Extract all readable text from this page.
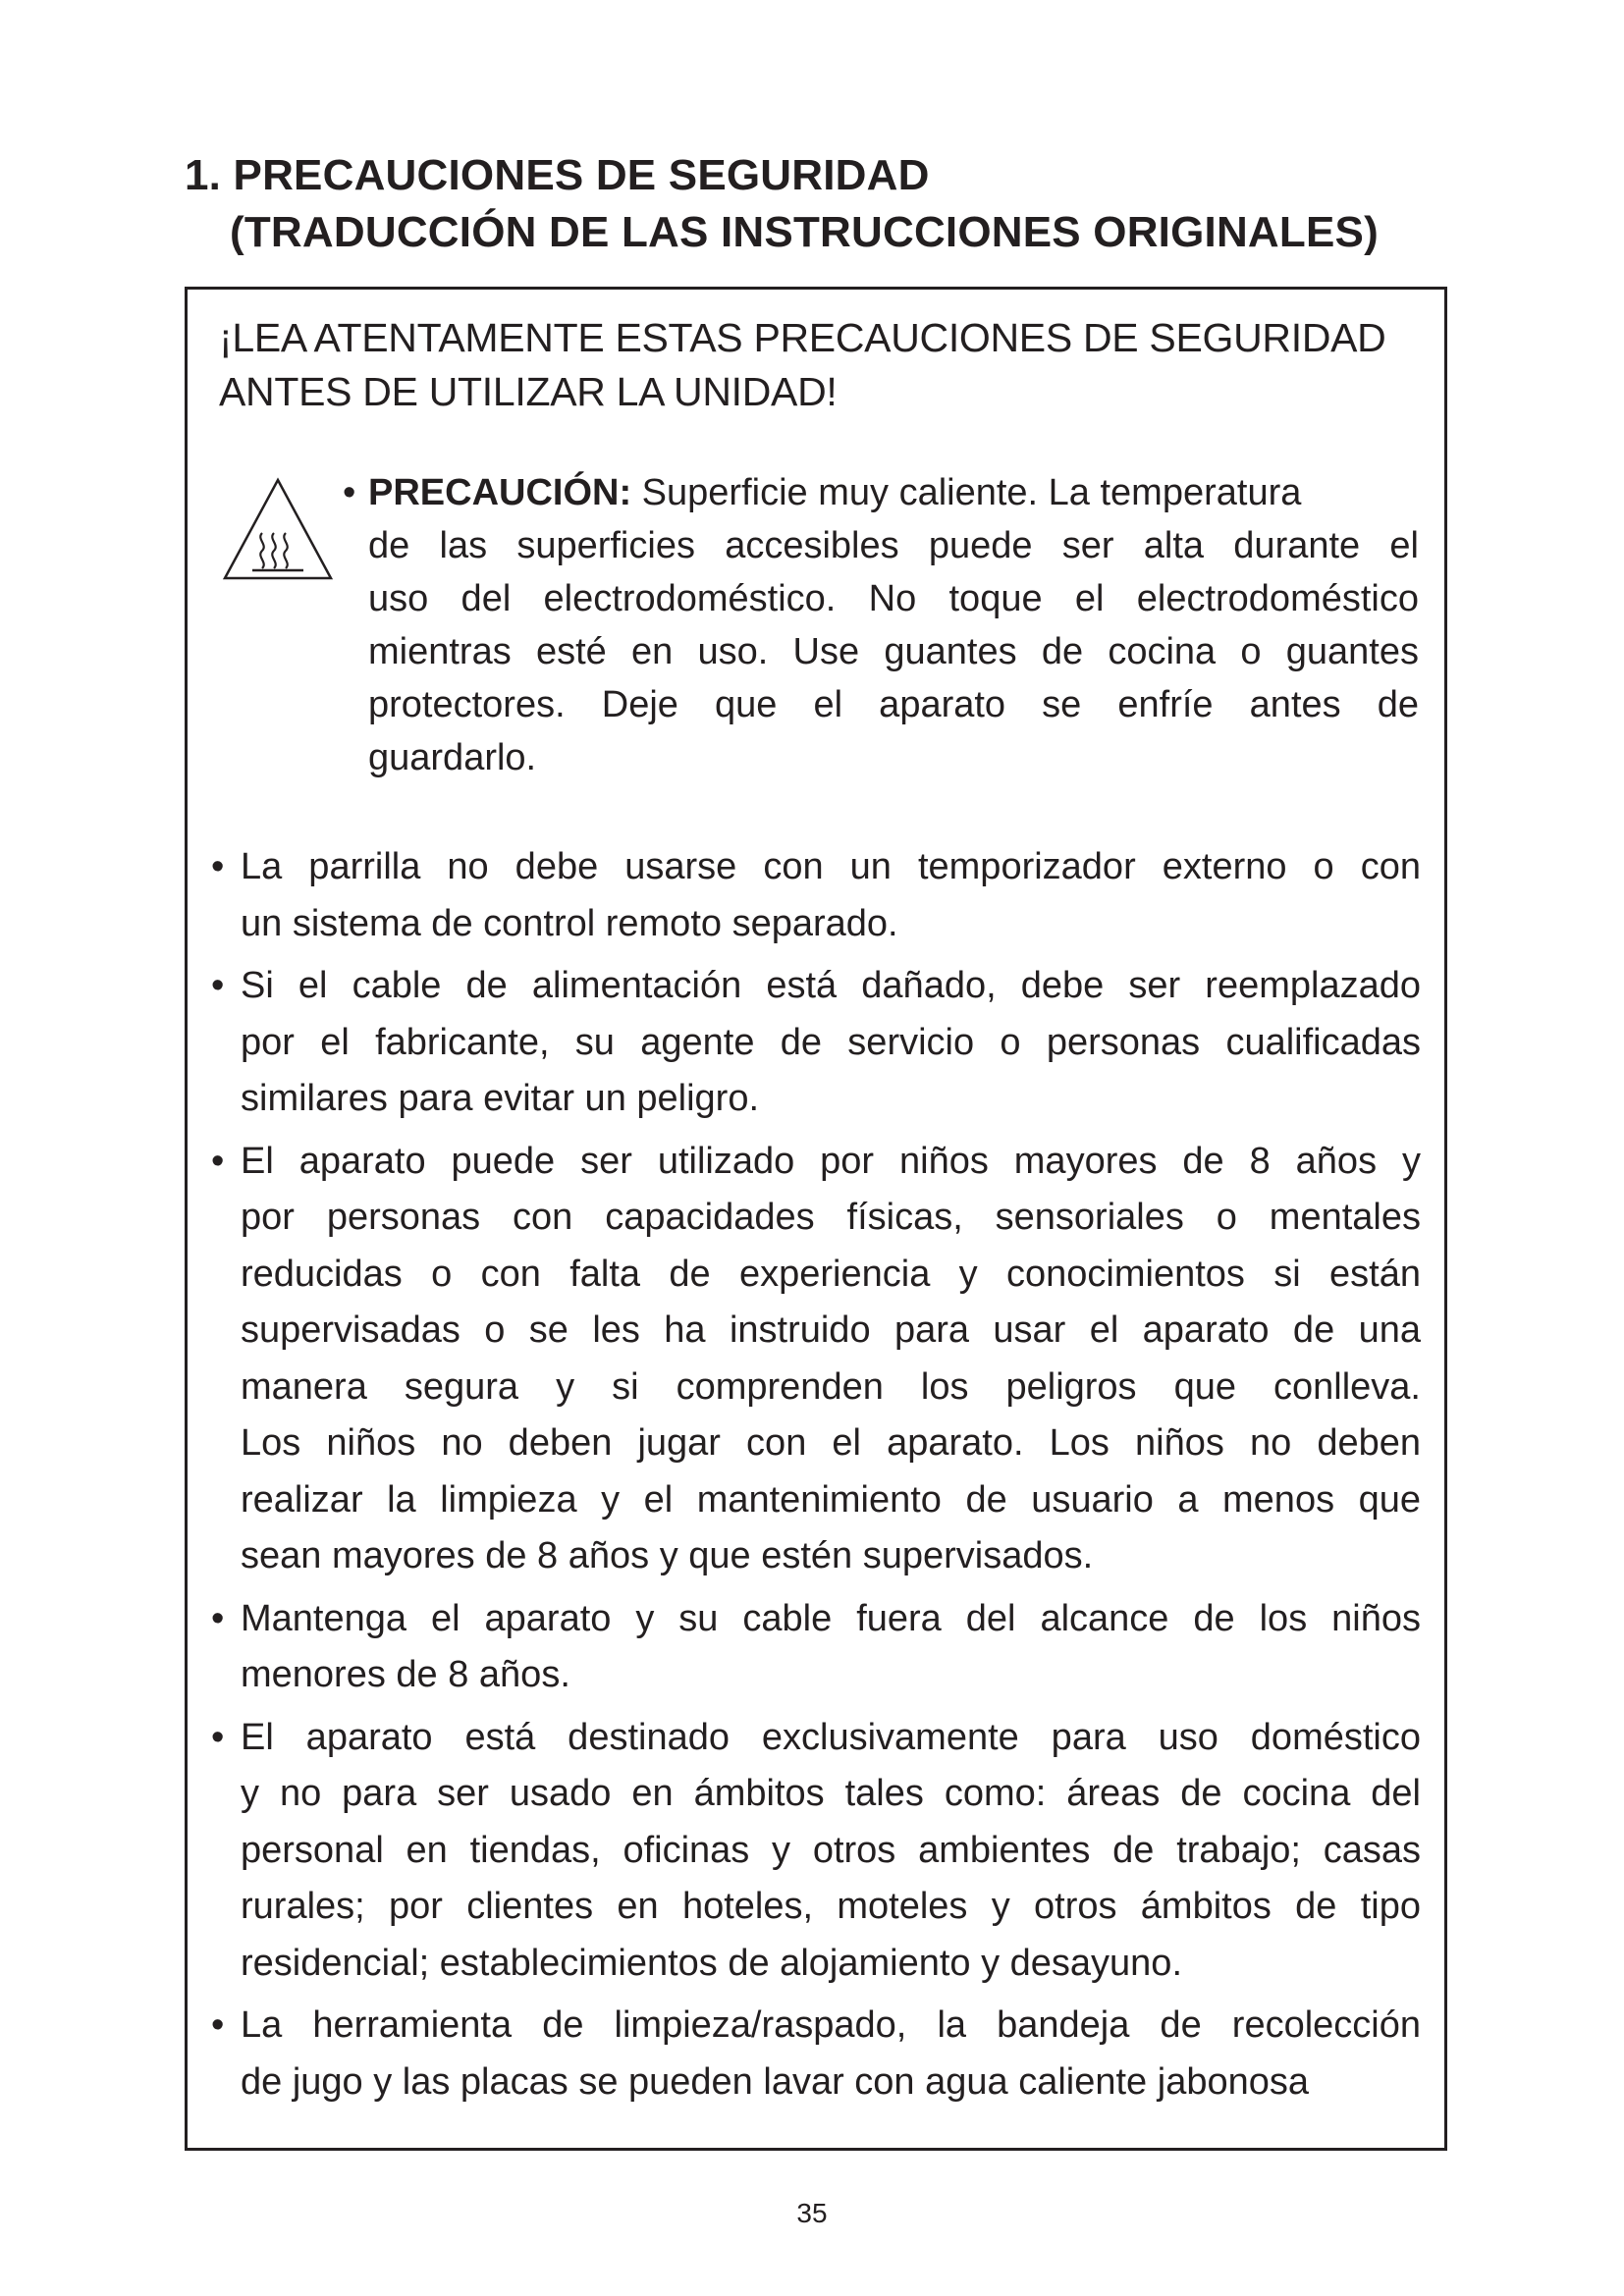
1. PRECAUCIONES DE SEGURIDAD
(TRADUCCIÓN DE LAS INSTRUCCIONES ORIGINALES)
¡LEA ATENTAMENTE ESTAS PRECAUCIONES DE SEGURIDAD
ANTES DE UTILIZAR LA UNIDAD!
• PRECAUCIÓN: Superficie muy caliente. La temperatura
de las superficies accesibles puede ser alta durante el
uso del electrodoméstico. No toque el electrodoméstico
mientras esté en uso. Use guantes de cocina o guantes
protectores. Deje que el aparato se enfríe antes de
guardarlo.
• La parrilla no debe usarse con un temporizador externo o con
un sistema de control remoto separado.
• Si el cable de alimentación está dañado, debe ser reemplazado
por el fabricante, su agente de servicio o personas cualificadas
similares para evitar un peligro.
• El aparato puede ser utilizado por niños mayores de 8 años y
por personas con capacidades físicas, sensoriales o mentales
reducidas o con falta de experiencia y conocimientos si están
supervisadas o se les ha instruido para usar el aparato de una
manera segura y si comprenden los peligros que conlleva.
Los niños no deben jugar con el aparato. Los niños no deben
realizar la limpieza y el mantenimiento de usuario a menos que
sean mayores de 8 años y que estén supervisados.
• Mantenga el aparato y su cable fuera del alcance de los niños
menores de 8 años.
• El aparato está destinado exclusivamente para uso doméstico
y no para ser usado en ámbitos tales como: áreas de cocina del
personal en tiendas, oficinas y otros ambientes de trabajo; casas
rurales; por clientes en hoteles, moteles y otros ámbitos de tipo
residencial; establecimientos de alojamiento y desayuno.
• La herramienta de limpieza/raspado, la bandeja de recolección
de jugo y las placas se pueden lavar con agua caliente jabonosa
35
